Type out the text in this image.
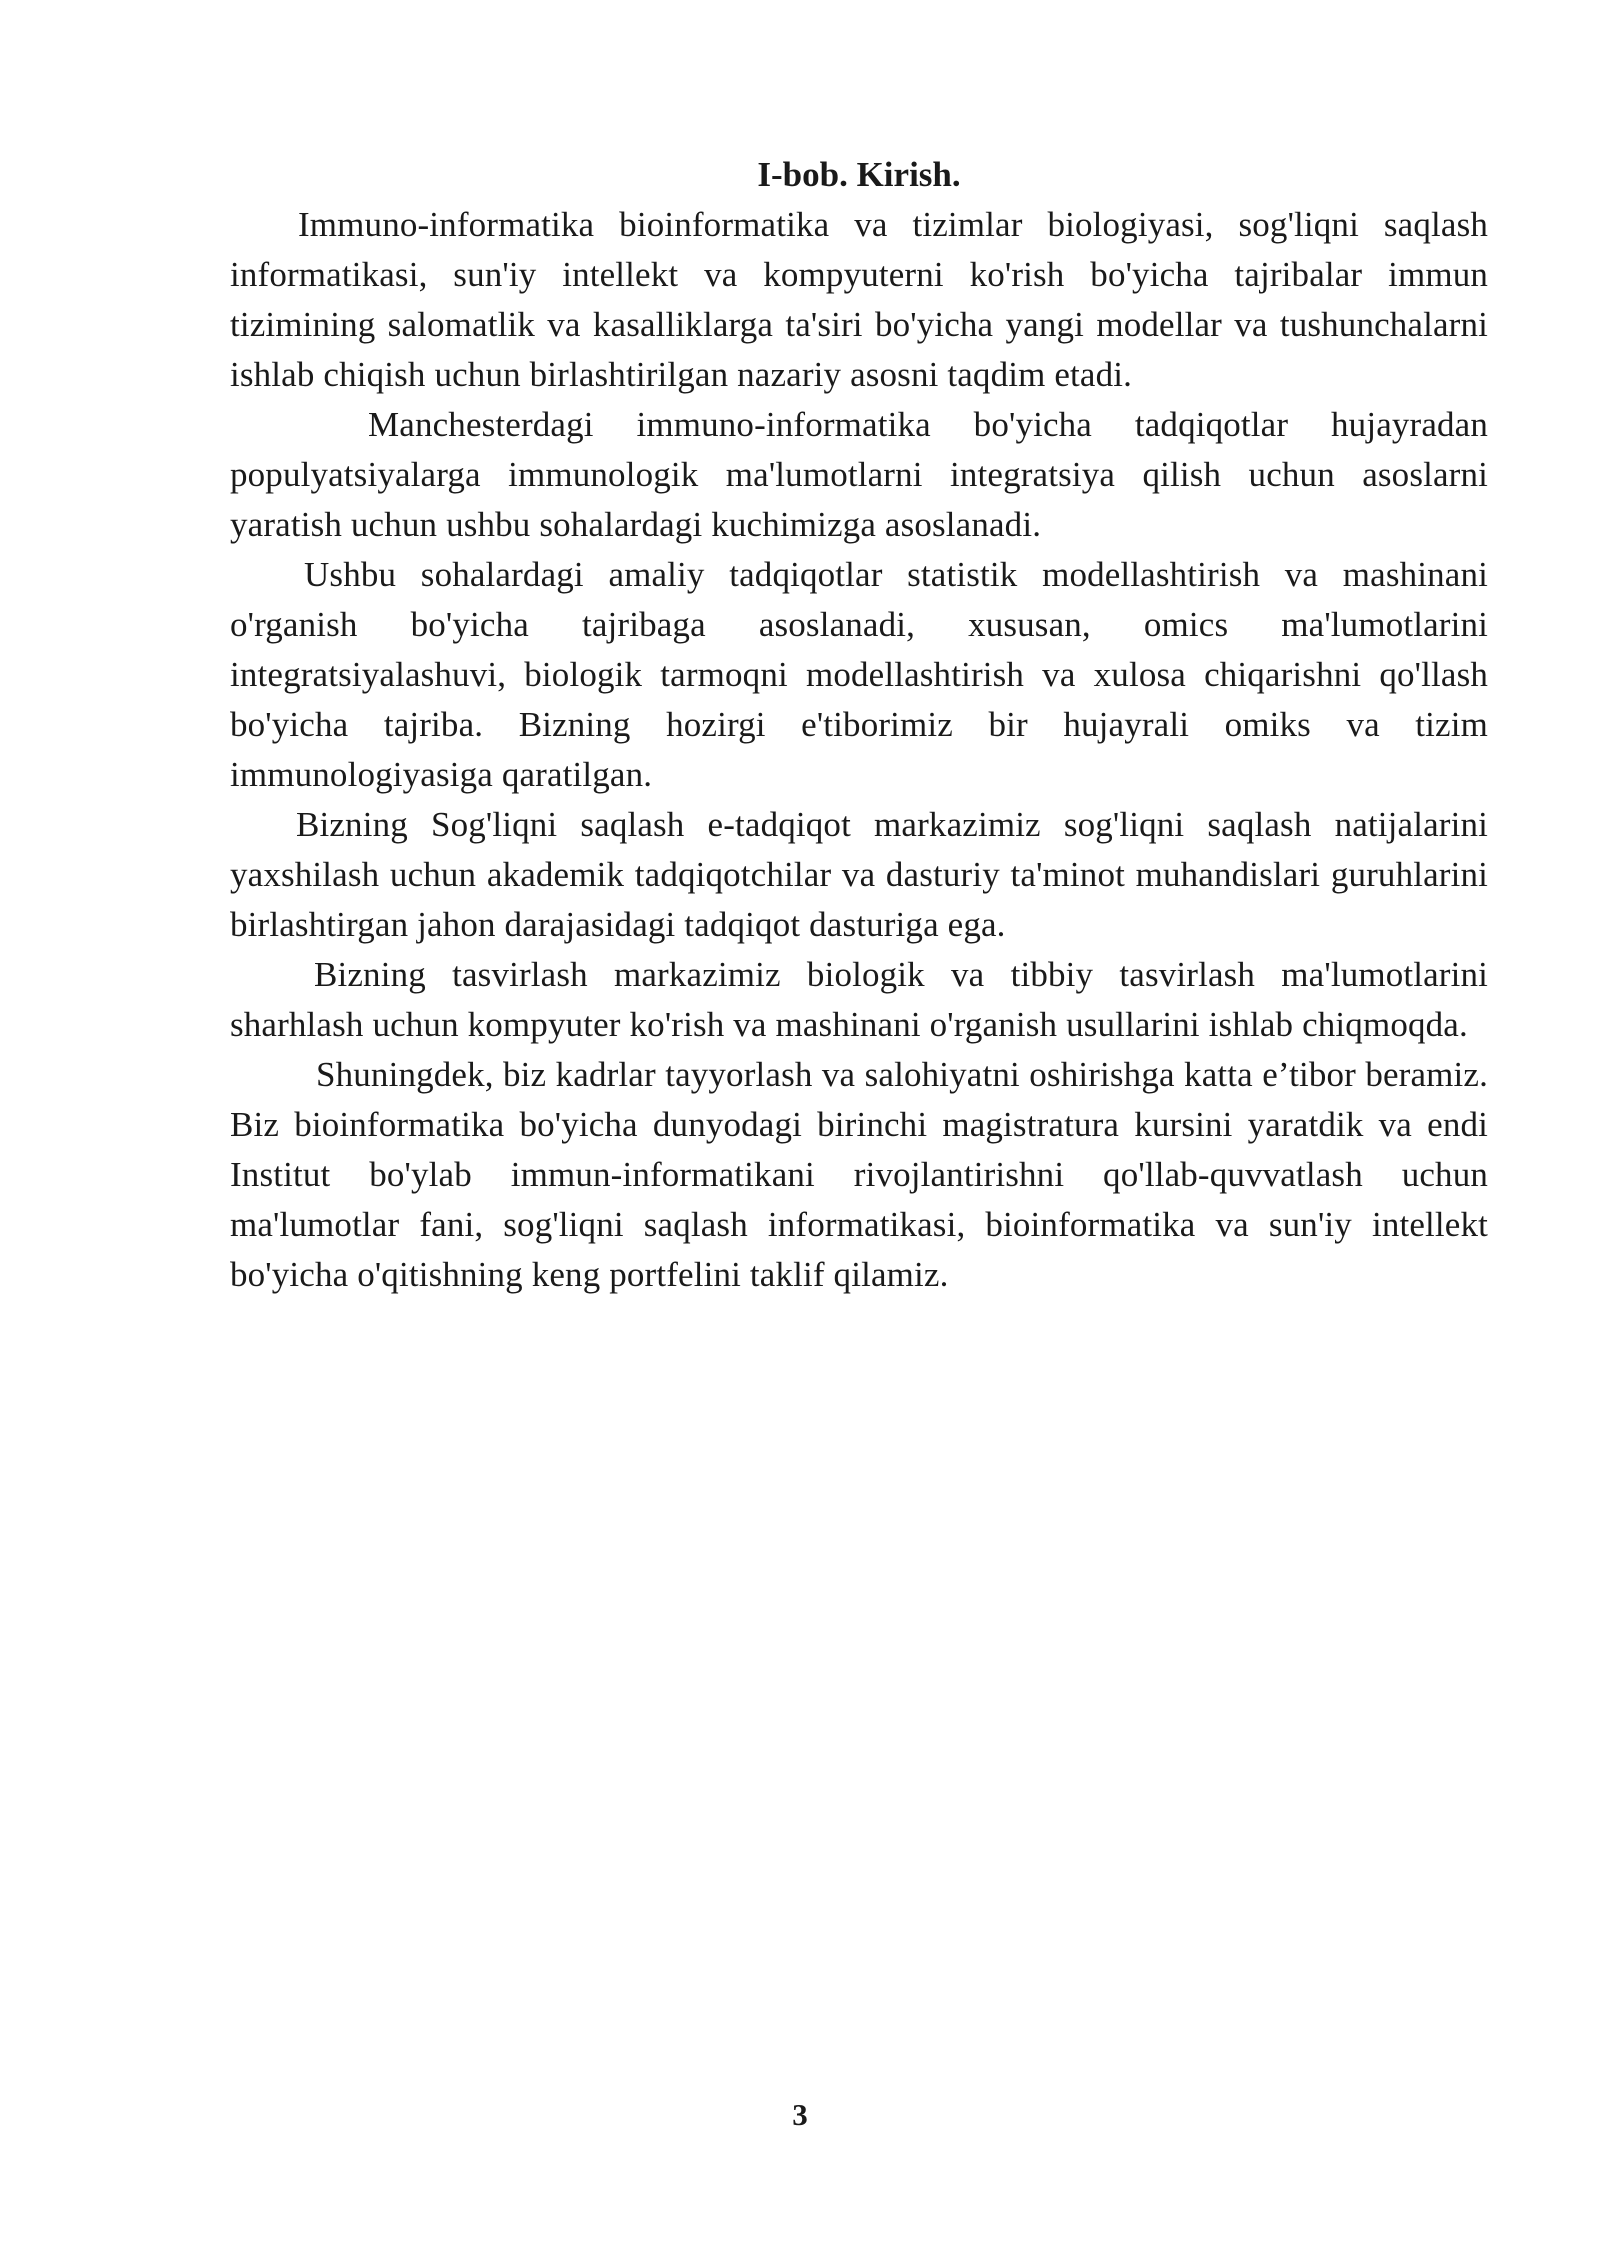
I-bob. Kirish.

Immuno-informatika bioinformatika va tizimlar biologiyasi, sog'liqni saqlash informatikasi, sun'iy intellekt va kompyuterni ko'rish bo'yicha tajribalar immun tizimining salomatlik va kasalliklarga ta'siri bo'yicha yangi modellar va tushunchalarni ishlab chiqish uchun birlashtirilgan nazariy asosni taqdim etadi.

Manchesterdagi immuno-informatika bo'yicha tadqiqotlar hujayradan populyatsiyalarga immunologik ma'lumotlarni integratsiya qilish uchun asoslarni yaratish uchun ushbu sohalardagi kuchimizga asoslanadi.

Ushbu sohalardagi amaliy tadqiqotlar statistik modellashtirish va mashinani o'rganish bo'yicha tajribaga asoslanadi, xususan, omics ma'lumotlarini integratsiyalashuvi, biologik tarmoqni modellashtirish va xulosa chiqarishni qo'llash bo'yicha tajriba. Bizning hozirgi e'tiborimiz bir hujayrali omiks va tizim immunologiyasiga qaratilgan.

Bizning Sog'liqni saqlash e-tadqiqot markazimiz sog'liqni saqlash natijalarini yaxshilash uchun akademik tadqiqotchilar va dasturiy ta'minot muhandislari guruhlarini birlashtirgan jahon darajasidagi tadqiqot dasturiga ega.

Bizning tasvirlash markazimiz biologik va tibbiy tasvirlash ma'lumotlarini sharhlash uchun kompyuter ko'rish va mashinani o'rganish usullarini ishlab chiqmoqda.

Shuningdek, biz kadrlar tayyorlash va salohiyatni oshirishga katta e’tibor beramiz. Biz bioinformatika bo'yicha dunyodagi birinchi magistratura kursini yaratdik va endi Institut bo'ylab immun-informatikani rivojlantirishni qo'llab-quvvatlash uchun ma'lumotlar fani, sog'liqni saqlash informatikasi, bioinformatika va sun'iy intellekt bo'yicha o'qitishning keng portfelini taklif qilamiz.

3
